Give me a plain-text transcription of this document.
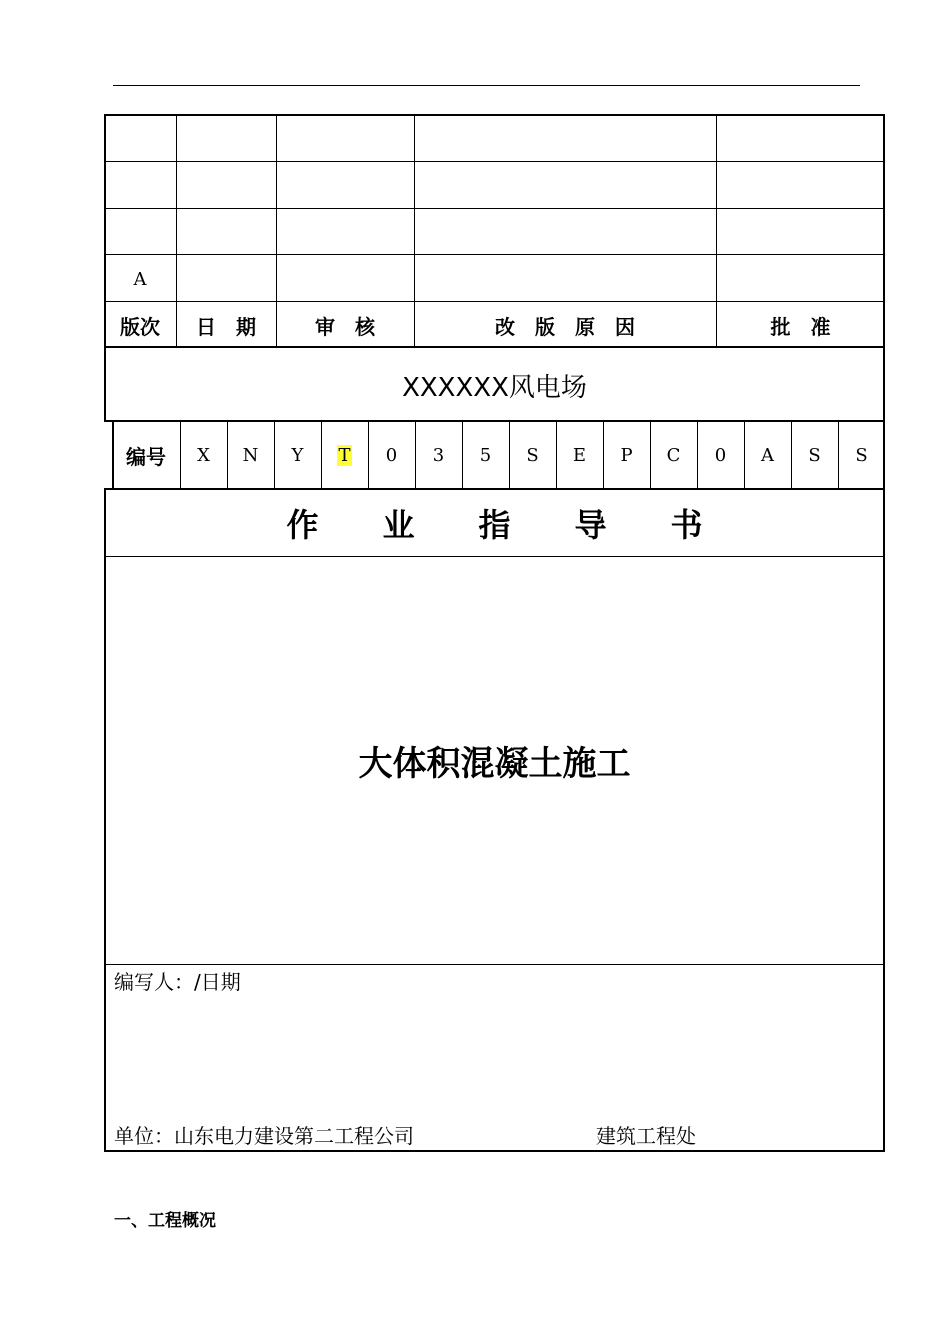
A
版次	日　期	审　核	改　版　原　因	批　准
XXXXXX风电场
编号	X N Y T 0 3 5 S E P C 0 A S S
作　　业　　指　　导　　书
大体积混凝土施工
编写人：/日期
单位：山东电力建设第二工程公司	建筑工程处
一、工程概况
